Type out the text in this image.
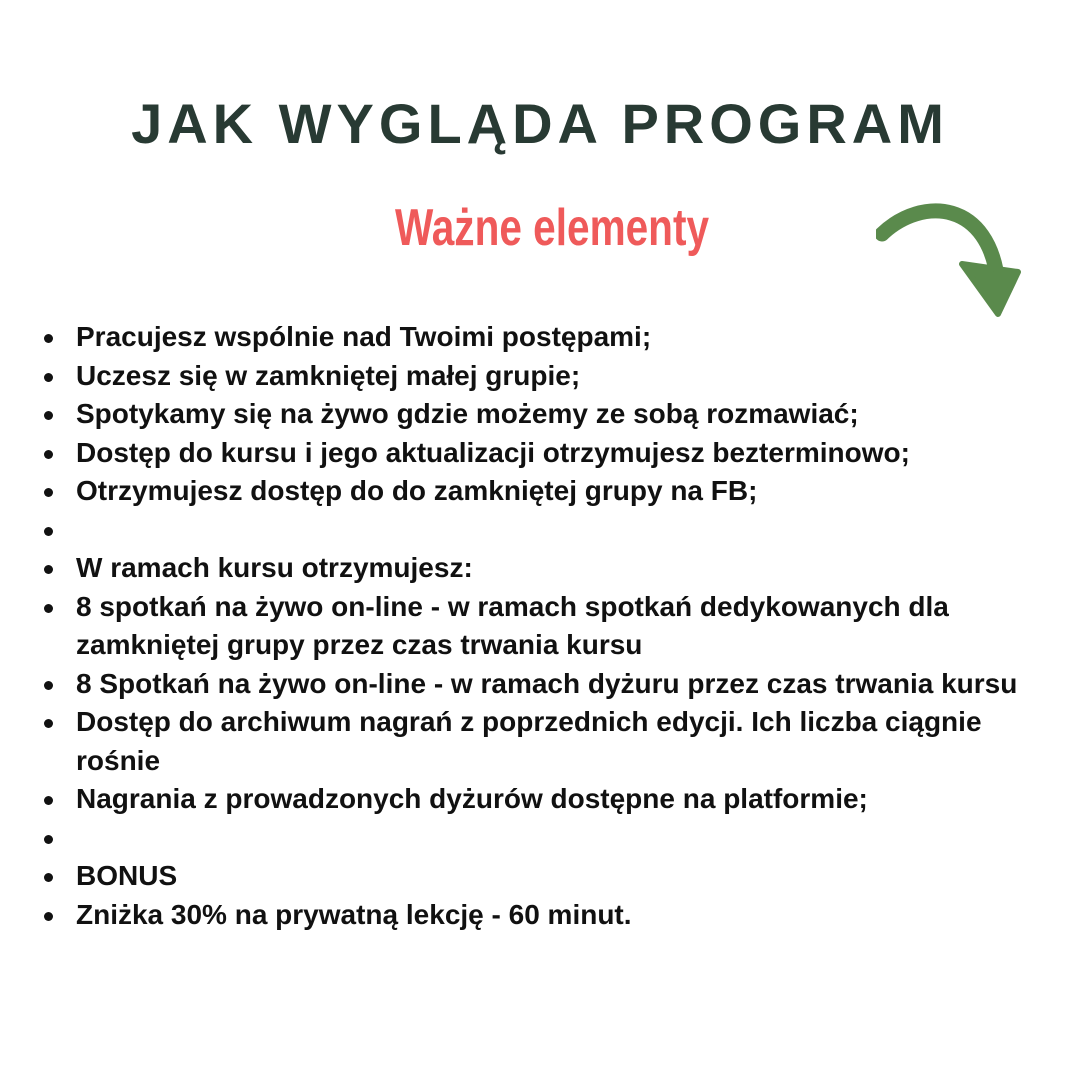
JAK WYGLĄDA PROGRAM
Ważne elementy
Pracujesz wspólnie nad Twoimi postępami;
Uczesz się w zamkniętej małej grupie;
Spotykamy się na żywo gdzie możemy ze sobą rozmawiać;
Dostęp do kursu i jego aktualizacji otrzymujesz bezterminowo;
Otrzymujesz dostęp do do zamkniętej grupy na FB;
W ramach kursu otrzymujesz:
8 spotkań na żywo on-line - w ramach spotkań dedykowanych dla zamkniętej grupy przez czas trwania kursu
8 Spotkań na żywo on-line - w ramach dyżuru przez czas trwania kursu
Dostęp do archiwum nagrań z poprzednich edycji. Ich liczba ciągnie rośnie
Nagrania z prowadzonych dyżurów dostępne na platformie;
BONUS
Zniżka 30% na prywatną lekcję - 60 minut.
